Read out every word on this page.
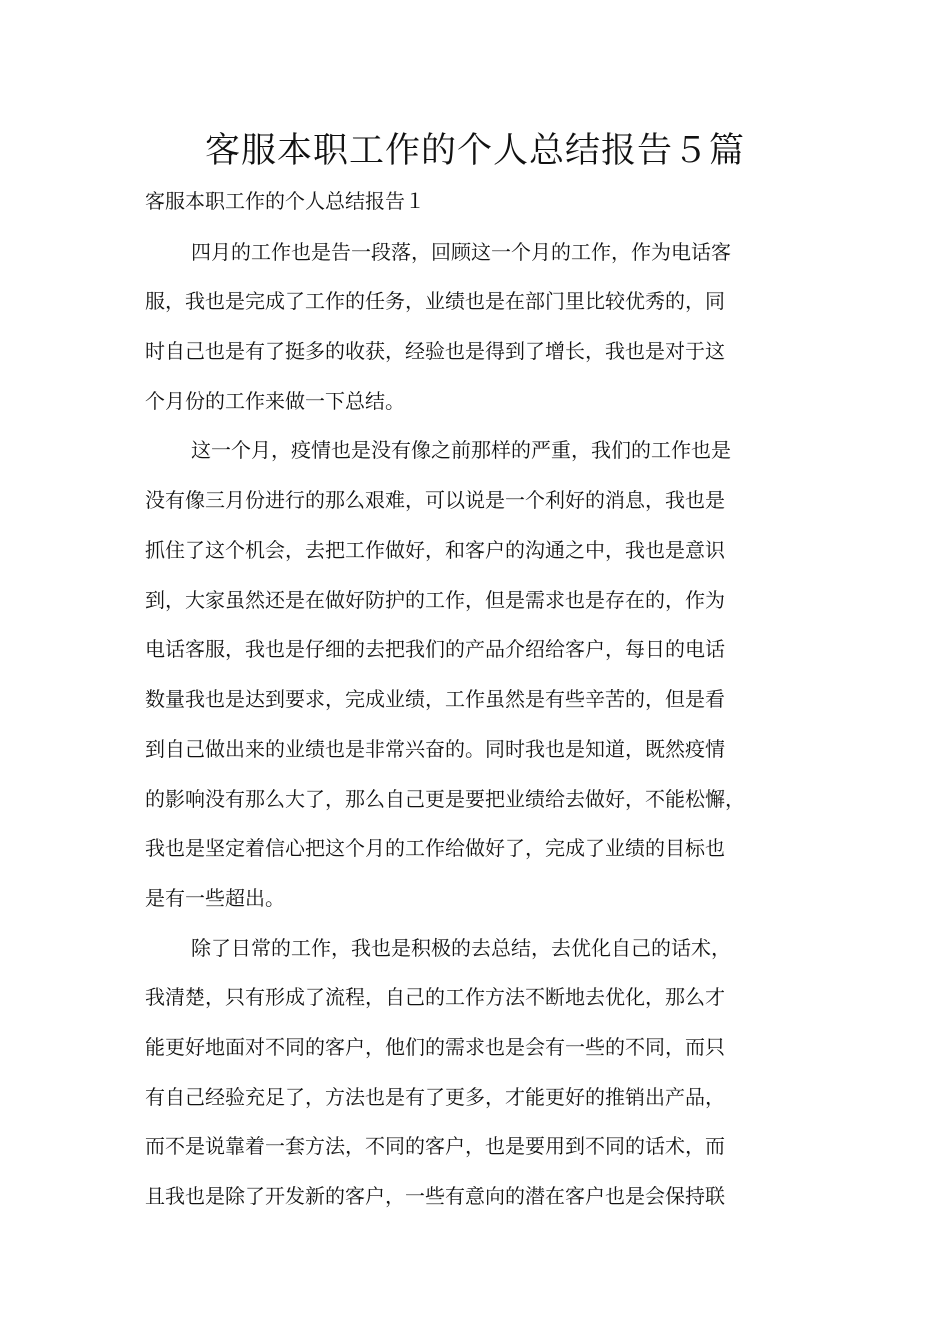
客服本职工作的个人总结报告５篇
客服本职工作的个人总结报告１
四月的工作也是告一段落，回顾这一个月的工作，作为电话客
服，我也是完成了工作的任务，业绩也是在部门里比较优秀的，同
时自己也是有了挺多的收获，经验也是得到了增长，我也是对于这
个月份的工作来做一下总结。
这一个月，疫情也是没有像之前那样的严重，我们的工作也是
没有像三月份进行的那么艰难，可以说是一个利好的消息，我也是
抓住了这个机会，去把工作做好，和客户的沟通之中，我也是意识
到，大家虽然还是在做好防护的工作，但是需求也是存在的，作为
电话客服，我也是仔细的去把我们的产品介绍给客户，每日的电话
数量我也是达到要求，完成业绩，工作虽然是有些辛苦的，但是看
到自己做出来的业绩也是非常兴奋的。同时我也是知道，既然疫情
的影响没有那么大了，那么自己更是要把业绩给去做好，不能松懈，
我也是坚定着信心把这个月的工作给做好了，完成了业绩的目标也
是有一些超出。
除了日常的工作，我也是积极的去总结，去优化自己的话术，
我清楚，只有形成了流程，自己的工作方法不断地去优化，那么才
能更好地面对不同的客户，他们的需求也是会有一些的不同，而只
有自己经验充足了，方法也是有了更多，才能更好的推销出产品，
而不是说靠着一套方法，不同的客户，也是要用到不同的话术，而
且我也是除了开发新的客户，一些有意向的潜在客户也是会保持联
